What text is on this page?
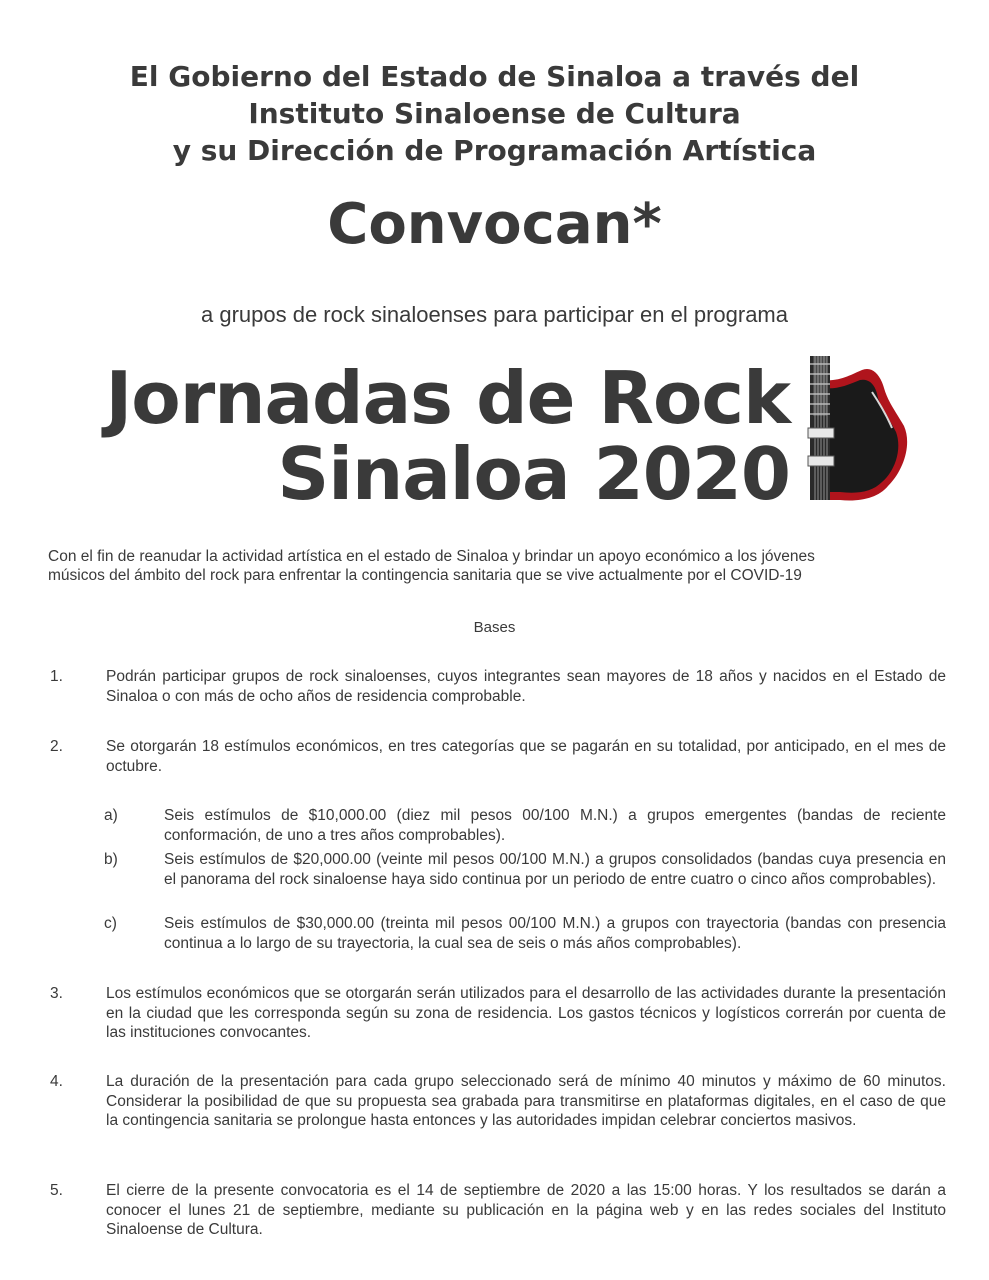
El Gobierno del Estado de Sinaloa a través del
Instituto Sinaloense de Cultura
y su Dirección de Programación Artística
Convocan*
a grupos de rock sinaloenses para participar en el programa
Jornadas de Rock
Sinaloa 2020
Con el fin de reanudar la actividad artística en el estado de Sinaloa y brindar un apoyo económico a los jóvenes
músicos del ámbito del rock para enfrentar la contingencia sanitaria que se vive actualmente por el COVID-19
Bases
1.	Podrán participar grupos de rock sinaloenses, cuyos integrantes sean mayores de 18 años y nacidos en el Estado de Sinaloa o con más de ocho años de residencia comprobable.
2.	Se otorgarán 18 estímulos económicos, en tres categorías que se pagarán en su totalidad, por anticipado, en el mes de octubre.
a)	Seis estímulos de $10,000.00 (diez mil pesos 00/100 M.N.) a grupos emergentes (bandas de reciente conformación, de uno a tres años comprobables).
b)	Seis estímulos de $20,000.00 (veinte mil pesos 00/100 M.N.) a grupos consolidados (bandas cuya presencia en el panorama del rock sinaloense haya sido continua por un periodo de entre cuatro o cinco años comprobables).
c)	Seis estímulos de $30,000.00 (treinta mil pesos 00/100 M.N.) a grupos con trayectoria (bandas con presencia continua a lo largo de su trayectoria, la cual sea de seis o más años comprobables).
3.	Los estímulos económicos que se otorgarán serán utilizados para el desarrollo de las actividades durante la presentación en la ciudad que les corresponda según su zona de residencia. Los gastos técnicos y logísticos correrán por cuenta de las instituciones convocantes.
4.	La duración de la presentación para cada grupo seleccionado será de mínimo 40 minutos y máximo de 60 minutos. Considerar la posibilidad de que su propuesta sea grabada para transmitirse en plataformas digitales, en el caso de que la contingencia sanitaria se prolongue hasta entonces y las autoridades impidan celebrar conciertos masivos.
5.	El cierre de la presente convocatoria es el 14 de septiembre de 2020 a las 15:00 horas. Y los resultados se darán a conocer el lunes 21 de septiembre, mediante su publicación en la página web y en las redes sociales del Instituto Sinaloense de Cultura.
